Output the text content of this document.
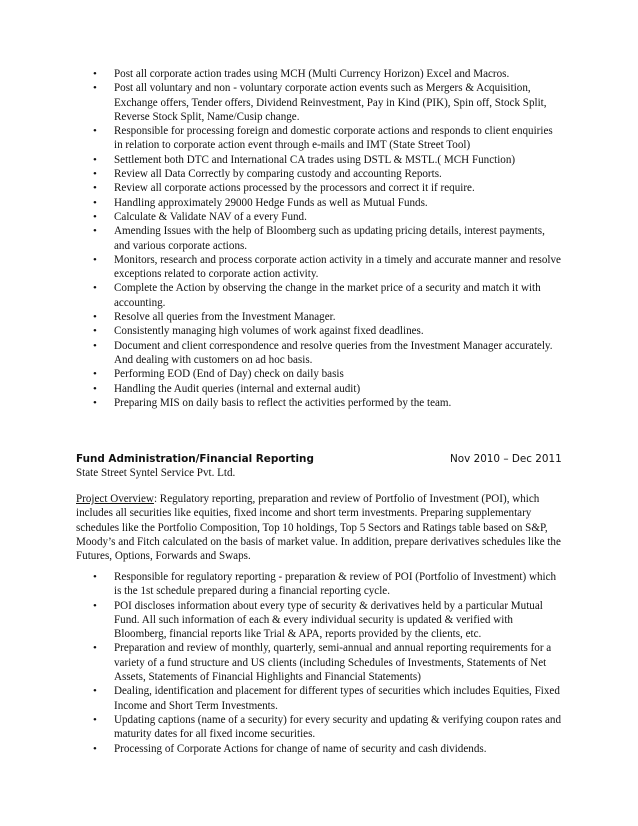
• Post all corporate action trades using MCH (Multi Currency Horizon) Excel and Macros.
• Post all voluntary and non - voluntary corporate action events such as Mergers & Acquisition, Exchange offers, Tender offers, Dividend Reinvestment, Pay in Kind (PIK), Spin off, Stock Split, Reverse Stock Split, Name/Cusip change.
• Responsible for processing foreign and domestic corporate actions and responds to client enquiries in relation to corporate action event through e-mails and IMT (State Street Tool)
• Settlement both DTC and International CA trades using DSTL & MSTL.( MCH Function)
• Review all Data Correctly by comparing custody and accounting Reports.
• Review all corporate actions processed by the processors and correct it if require.
• Handling approximately 29000 Hedge Funds as well as Mutual Funds.
• Calculate & Validate NAV of a every Fund.
• Amending Issues with the help of Bloomberg such as updating pricing details, interest payments, and various corporate actions.
• Monitors, research and process corporate action activity in a timely and accurate manner and resolve exceptions related to corporate action activity.
• Complete the Action by observing the change in the market price of a security and match it with accounting.
• Resolve all queries from the Investment Manager.
• Consistently managing high volumes of work against fixed deadlines.
• Document and client correspondence and resolve queries from the Investment Manager accurately. And dealing with customers on ad hoc basis.
• Performing EOD (End of Day) check on daily basis
• Handling the Audit queries (internal and external audit)
• Preparing MIS on daily basis to reflect the activities performed by the team.
Fund Administration/Financial Reporting	Nov 2010 – Dec 2011
State Street Syntel Service Pvt. Ltd.
Project Overview: Regulatory reporting, preparation and review of Portfolio of Investment (POI), which includes all securities like equities, fixed income and short term investments. Preparing supplementary schedules like the Portfolio Composition, Top 10 holdings, Top 5 Sectors and Ratings table based on S&P, Moody’s and Fitch calculated on the basis of market value. In addition, prepare derivatives schedules like the Futures, Options, Forwards and Swaps.
• Responsible for regulatory reporting - preparation & review of POI (Portfolio of Investment) which is the 1st schedule prepared during a financial reporting cycle.
• POI discloses information about every type of security & derivatives held by a particular Mutual Fund. All such information of each & every individual security is updated & verified with Bloomberg, financial reports like Trial & APA, reports provided by the clients, etc.
• Preparation and review of monthly, quarterly, semi-annual and annual reporting requirements for a variety of a fund structure and US clients (including Schedules of Investments, Statements of Net Assets, Statements of Financial Highlights and Financial Statements)
• Dealing, identification and placement for different types of securities which includes Equities, Fixed Income and Short Term Investments.
• Updating captions (name of a security) for every security and updating & verifying coupon rates and maturity dates for all fixed income securities.
• Processing of Corporate Actions for change of name of security and cash dividends.
